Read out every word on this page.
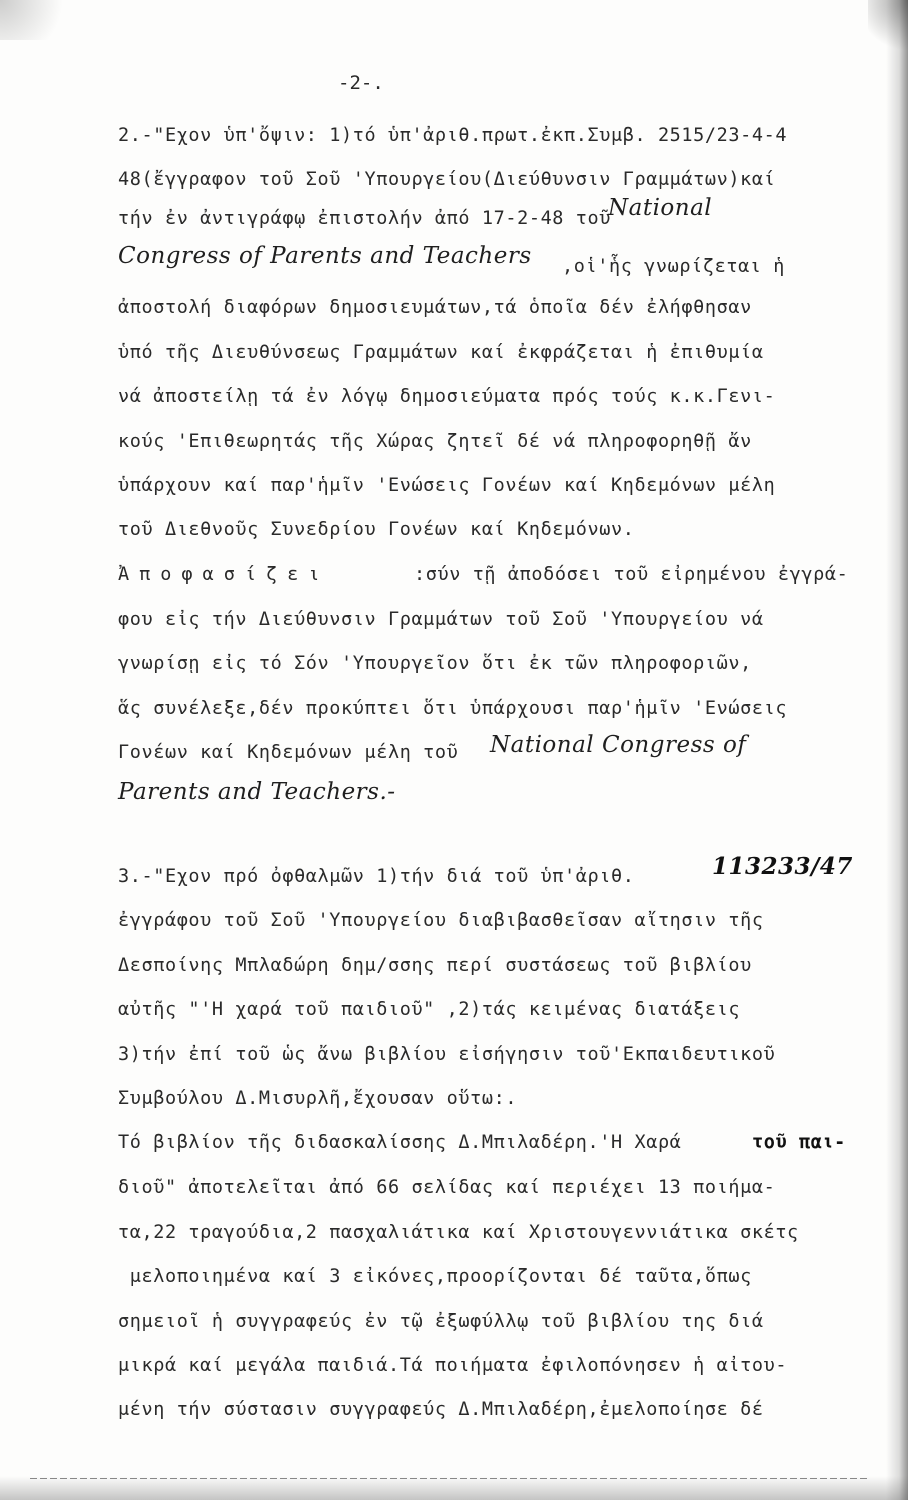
-2-.
2.-"Εχον ὑπ'ὄψιν: 1)τό ὑπ'ἀριθ.πρωτ.ἐκπ.Συμβ. 2515/23-4-4
48(ἔγγραφον τοῦ Σοῦ 'Υπουργείου(Διεύθυνσιν Γραμμάτων)καί
τήν ἐν ἀντιγράφῳ ἐπιστολήν ἀπό 17-2-48 τοῦ
ἀποστολή διαφόρων δημοσιευμάτων,τά ὁποῖα δέν ἐλήφθησαν
ὑπό τῆς Διευθύνσεως Γραμμάτων καί ἐκφράζεται ἡ ἐπιθυμία
νά ἀποστείλῃ τά ἐν λόγῳ δημοσιεύματα πρός τούς κ.κ.Γενι-
κούς 'Επιθεωρητάς τῆς Χώρας ζητεῖ δέ νά πληροφορηθῇ ἄν
ὑπάρχουν καί παρ'ἡμῖν 'Ενώσεις Γονέων καί Κηδεμόνων μέλη
τοῦ Διεθνοῦς Συνεδρίου Γονέων καί Κηδεμόνων.
φου εἰς τήν Διεύθυνσιν Γραμμάτων τοῦ Σοῦ 'Υπουργείου νά
γνωρίσῃ εἰς τό Σόν 'Υπουργεῖον ὅτι ἐκ τῶν πληροφοριῶν,
ἅς συνέλεξε,δέν προκύπτει ὅτι ὑπάρχουσι παρ'ἡμῖν 'Ενώσεις
Γονέων καί Κηδεμόνων μέλη τοῦ
3.-"Εχον πρό ὀφθαλμῶν 1)τήν διά τοῦ ὑπ'ἀριθ.
ἐγγράφου τοῦ Σοῦ 'Υπουργείου διαβιβασθεῖσαν αἴτησιν τῆς
Δεσποίνης Μπλαδώρη δημ/σσης περί συστάσεως τοῦ βιβλίου
αὐτῆς "'Η χαρά τοῦ παιδιοῦ" ,2)τάς κειμένας διατάξεις
3)τήν ἐπί τοῦ ὡς ἄνω βιβλίου εἰσήγησιν τοῦ'Εκπαιδευτικοῦ
Συμβούλου Δ.Μισυρλῆ,ἔχουσαν οὕτω:.
Τό βιβλίον τῆς διδασκαλίσσης Δ.Μπιλαδέρη.'Η Χαρά
διοῦ" ἀποτελεῖται ἀπό 66 σελίδας καί περιέχει 13 ποιήμα-
τα,22 τραγούδια,2 πασχαλιάτικα καί Χριστουγεννιάτικα σκέτς
μελοποιημένα καί 3 εἰκόνες,προορίζονται δέ ταῦτα,ὅπως
σημειοῖ ἡ συγγραφεύς ἐν τῷ ἐξωφύλλῳ τοῦ βιβλίου της διά
μικρά καί μεγάλα παιδιά.Τά ποιήματα ἐφιλοπόνησεν ἡ αἰτου-
μένη τήν σύστασιν συγγραφεύς Δ.Μπιλαδέρη,ἐμελοποίησε δέ
National
Congress of Parents and Teachers ,οἱ'ἧς γνωρίζεται ἡ
Ἀποφασίζει	:σύν τῇ ἀποδόσει τοῦ εἰρημένου ἐγγρά-
National Congress of
Parents and Teachers.-
113233/47
τοῦ παι-
